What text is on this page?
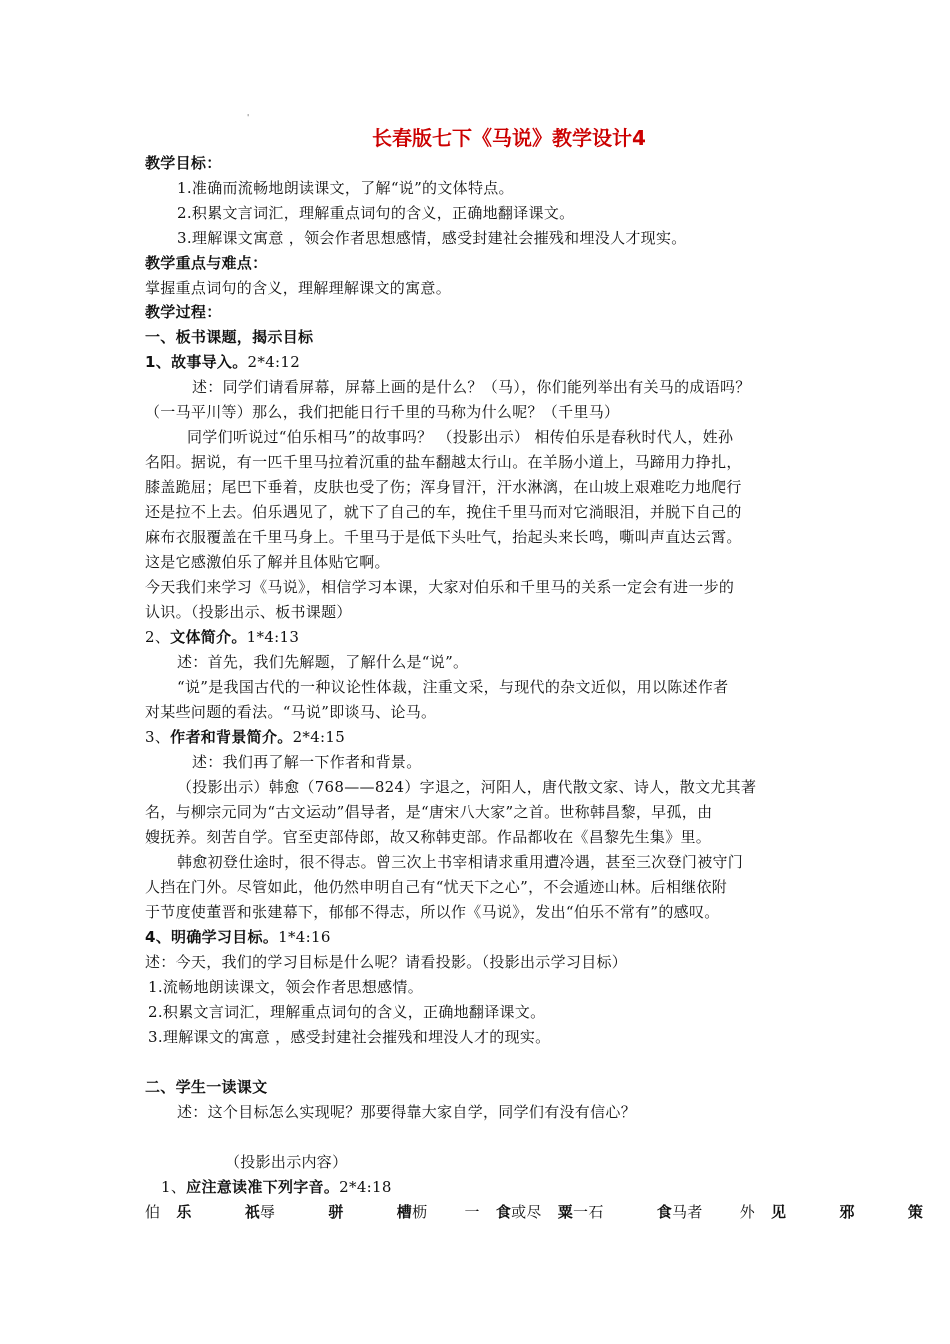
'
长春版七下《马说》教学设计4
教学目标：
1.准确而流畅地朗读课文，了解“说”的文体特点。
2.积累文言词汇，理解重点词句的含义，正确地翻译课文。
3.理解课文寓意 ，领会作者思想感情，感受封建社会摧残和埋没人才现实。
教学重点与难点：
掌握重点词句的含义，理解理解课文的寓意。
教学过程：
一、板书课题，揭示目标
1、故事导入。2*4:12
述：同学们请看屏幕，屏幕上画的是什么？（马），你们能列举出有关马的成语吗？
（一马平川等）那么，我们把能日行千里的马称为什么呢？（千里马）
同学们听说过“伯乐相马”的故事吗？ （投影出示） 相传伯乐是春秋时代人，姓孙
名阳。据说，有一匹千里马拉着沉重的盐车翻越太行山。在羊肠小道上，马蹄用力挣扎，
膝盖跪屈；尾巴下垂着，皮肤也受了伤；浑身冒汗，汗水淋漓，在山坡上艰难吃力地爬行
还是拉不上去。伯乐遇见了，就下了自己的车，挽住千里马而对它淌眼泪，并脱下自己的
麻布衣服覆盖在千里马身上。千里马于是低下头吐气，抬起头来长鸣，嘶叫声直达云霄。
这是它感激伯乐了解并且体贴它啊。
今天我们来学习《马说》，相信学习本课，大家对伯乐和千里马的关系一定会有进一步的
认识。（投影出示、板书课题）
2、文体简介。1*4:13
述：首先，我们先解题，了解什么是“说”。
“说”是我国古代的一种议论性体裁，注重文采，与现代的杂文近似，用以陈述作者
对某些问题的看法。“马说”即谈马、论马。
3、作者和背景简介。2*4:15
述：我们再了解一下作者和背景。
（投影出示）韩愈（768——824）字退之，河阳人，唐代散文家、诗人，散文尤其著
名，与柳宗元同为“古文运动”倡导者，是“唐宋八大家”之首。世称韩昌黎，早孤，由
嫂抚养。刻苦自学。官至吏部侍郎，故又称韩吏部。作品都收在《昌黎先生集》里。
韩愈初登仕途时，很不得志。曾三次上书宰相请求重用遭冷遇，甚至三次登门被守门
人挡在门外。尽管如此，他仍然申明自己有“忧天下之心”，不会遁迹山林。后相继依附
于节度使董晋和张建幕下，郁郁不得志，所以作《马说》，发出“伯乐不常有”的感叹。
4、明确学习目标。1*4:16
述：今天，我们的学习目标是什么呢？请看投影。（投影出示学习目标）
1.流畅地朗读课文，领会作者思想感情。
2.积累文言词汇，理解重点词句的含义，正确地翻译课文。
3.理解课文的寓意 ，感受封建社会摧残和埋没人才的现实。
二、学生一读课文
述：这个目标怎么实现呢？那要得靠大家自学，同学们有没有信心？
（投影出示内容）
1、应注意读准下列字音。2*4:18
伯 乐	祇辱	骈	槽枥 一 食或尽 粟一石	食马者 外 见	邪	策
